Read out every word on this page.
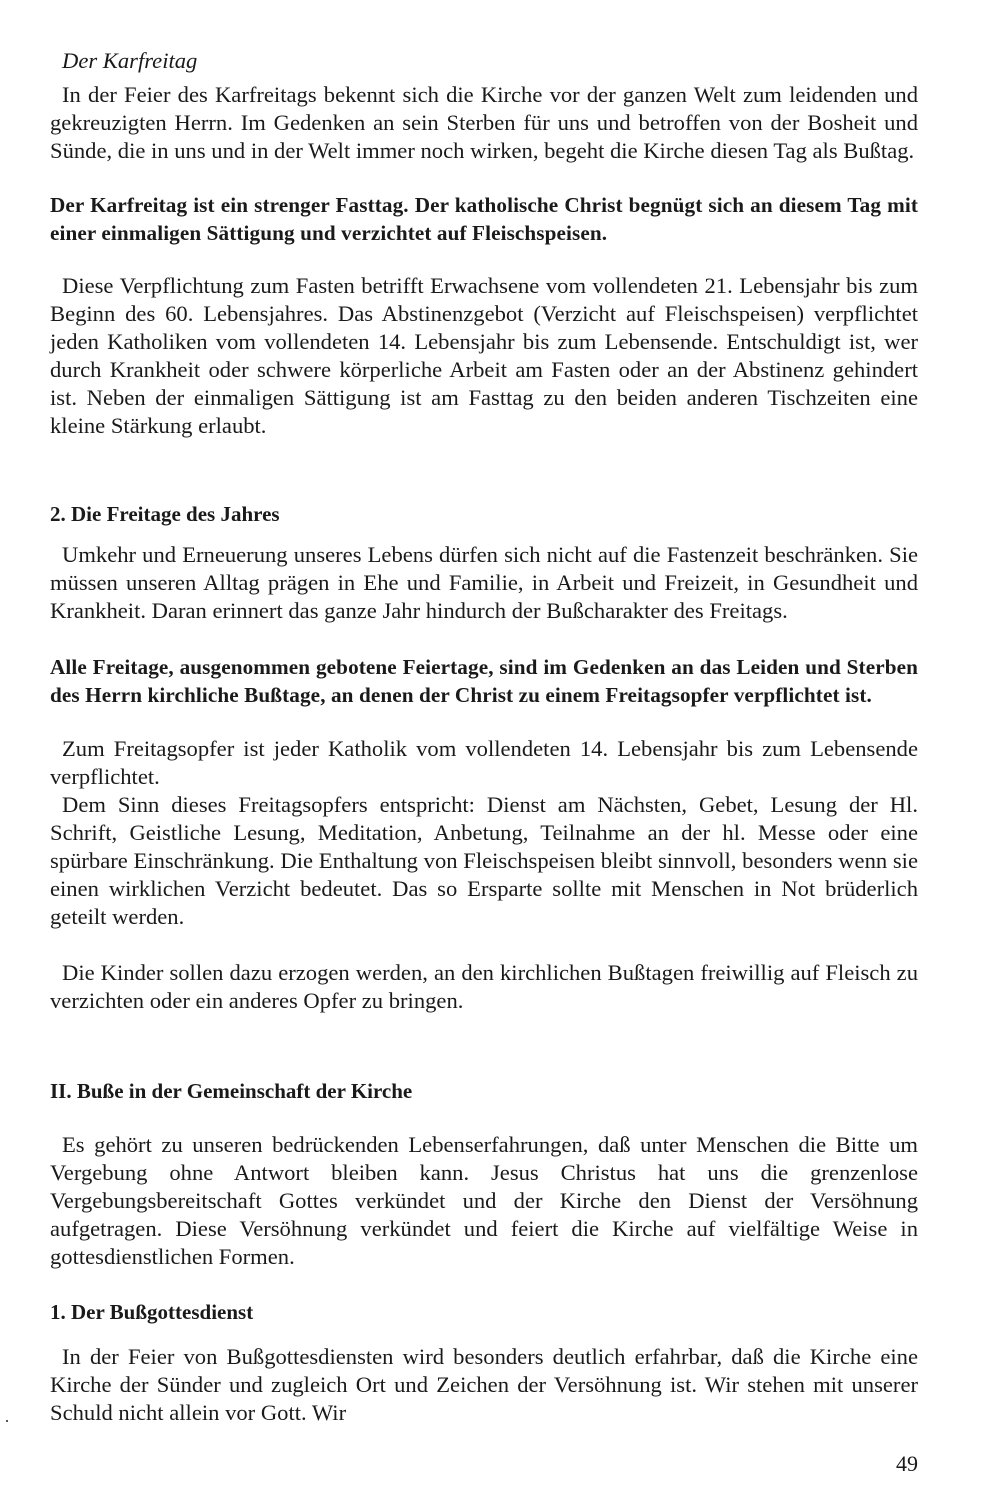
Der Karfreitag

In der Feier des Karfreitags bekennt sich die Kirche vor der ganzen Welt zum leidenden und gekreuzigten Herrn. Im Gedenken an sein Sterben für uns und betroffen von der Bosheit und Sünde, die in uns und in der Welt immer noch wirken, begeht die Kirche diesen Tag als Bußtag.

Der Karfreitag ist ein strenger Fasttag. Der katholische Christ begnügt sich an diesem Tag mit einer einmaligen Sättigung und verzichtet auf Fleischspeisen.

Diese Verpflichtung zum Fasten betrifft Erwachsene vom vollendeten 21. Lebensjahr bis zum Beginn des 60. Lebensjahres. Das Abstinenzgebot (Verzicht auf Fleischspeisen) verpflichtet jeden Katholiken vom vollendeten 14. Lebensjahr bis zum Lebensende. Entschuldigt ist, wer durch Krankheit oder schwere körperliche Arbeit am Fasten oder an der Abstinenz gehindert ist. Neben der einmaligen Sättigung ist am Fasttag zu den beiden anderen Tischzeiten eine kleine Stärkung erlaubt.

2. Die Freitage des Jahres

Umkehr und Erneuerung unseres Lebens dürfen sich nicht auf die Fastenzeit beschränken. Sie müssen unseren Alltag prägen in Ehe und Familie, in Arbeit und Freizeit, in Gesundheit und Krankheit. Daran erinnert das ganze Jahr hindurch der Bußcharakter des Freitags.

Alle Freitage, ausgenommen gebotene Feiertage, sind im Gedenken an das Leiden und Sterben des Herrn kirchliche Bußtage, an denen der Christ zu einem Freitagsopfer verpflichtet ist.

Zum Freitagsopfer ist jeder Katholik vom vollendeten 14. Lebensjahr bis zum Lebensende verpflichtet.

Dem Sinn dieses Freitagsopfers entspricht: Dienst am Nächsten, Gebet, Lesung der Hl. Schrift, Geistliche Lesung, Meditation, Anbetung, Teilnahme an der hl. Messe oder eine spürbare Einschränkung. Die Enthaltung von Fleischspeisen bleibt sinnvoll, besonders wenn sie einen wirklichen Verzicht bedeutet. Das so Ersparte sollte mit Menschen in Not brüderlich geteilt werden.

Die Kinder sollen dazu erzogen werden, an den kirchlichen Bußtagen freiwillig auf Fleisch zu verzichten oder ein anderes Opfer zu bringen.

II. Buße in der Gemeinschaft der Kirche

Es gehört zu unseren bedrückenden Lebenserfahrungen, daß unter Menschen die Bitte um Vergebung ohne Antwort bleiben kann. Jesus Christus hat uns die grenzenlose Vergebungsbereitschaft Gottes verkündet und der Kirche den Dienst der Versöhnung aufgetragen. Diese Versöhnung verkündet und feiert die Kirche auf vielfältige Weise in gottesdienstlichen Formen.

1. Der Bußgottesdienst

In der Feier von Bußgottesdiensten wird besonders deutlich erfahrbar, daß die Kirche eine Kirche der Sünder und zugleich Ort und Zeichen der Versöhnung ist. Wir stehen mit unserer Schuld nicht allein vor Gott. Wir

49
